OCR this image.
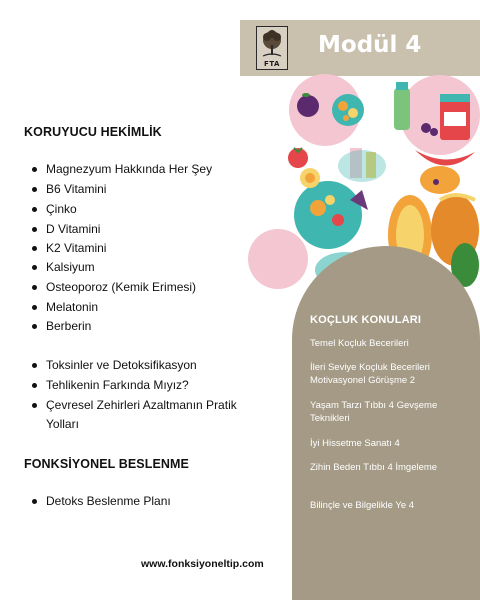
FTA
Modül 4
KOÇLUK KONULARI
Temel Koçluk Becerileri
İleri Seviye Koçluk Becerileri Motivasyonel Görüşme 2
Yaşam Tarzı Tıbbı 4 Gevşeme Teknikleri
İyi Hissetme Sanatı 4
Zihin Beden Tıbbı 4 İmgeleme
Bilinçle ve Bilgelikle Ye 4
KORUYUCU HEKİMLİK
Magnezyum Hakkında Her Şey
B6 Vitamini
Çinko
D Vitamini
K2 Vitamini
Kalsiyum
Osteoporoz (Kemik Erimesi)
Melatonin
Berberin
Toksinler ve Detoksifikasyon
Tehlikenin Farkında Mıyız?
Çevresel Zehirleri Azaltmanın Pratik Yolları
FONKSİYONEL BESLENME
Detoks Beslenme Planı
www.fonksiyoneltip.com
